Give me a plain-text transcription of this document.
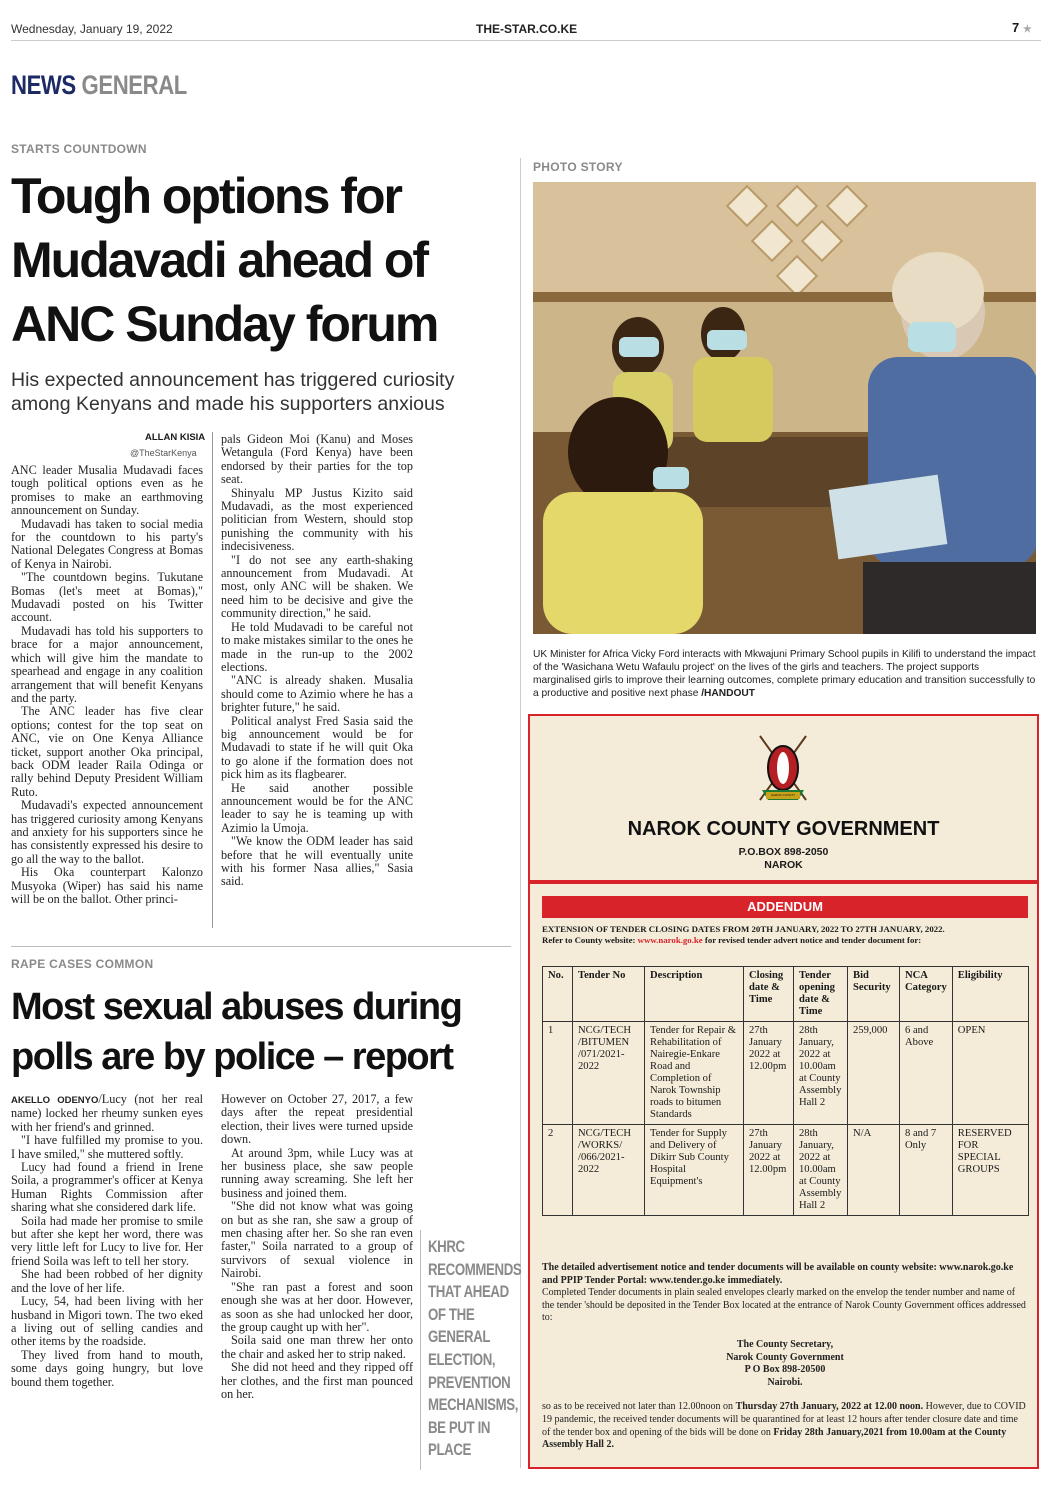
Wednesday, January 19, 2022	THE-STAR.CO.KE	7 ★
NEWS GENERAL
STARTS COUNTDOWN
Tough options for
Mudavadi ahead of
ANC Sunday forum
His expected announcement has triggered curiosity
among Kenyans and made his supporters anxious
ALLAN KISIA
@TheStarKenya

ANC leader Musalia Mudavadi faces tough political options even as he promises to make an earthmoving announcement on Sunday.

Mudavadi has taken to social media for the countdown to his party's National Delegates Congress at Bomas of Kenya in Nairobi.

"The countdown begins. Tukutane Bomas (let's meet at Bomas)," Mudavadi posted on his Twitter account.

Mudavadi has told his supporters to brace for a major announcement, which will give him the mandate to spearhead and engage in any coalition arrangement that will benefit Kenyans and the party.

The ANC leader has five clear options; contest for the top seat on ANC, vie on One Kenya Alliance ticket, support another Oka principal, back ODM leader Raila Odinga or rally behind Deputy President William Ruto.

Mudavadi's expected announcement has triggered curiosity among Kenyans and anxiety for his supporters since he has consistently expressed his desire to go all the way to the ballot.

His Oka counterpart Kalonzo Musyoka (Wiper) has said his name will be on the ballot. Other princi-

pals Gideon Moi (Kanu) and Moses Wetangula (Ford Kenya) have been endorsed by their parties for the top seat.

Shinyalu MP Justus Kizito said Mudavadi, as the most experienced politician from Western, should stop punishing the community with his indecisiveness.

"I do not see any earth-shaking announcement from Mudavadi. At most, only ANC will be shaken. We need him to be decisive and give the community direction," he said.

He told Mudavadi to be careful not to make mistakes similar to the ones he made in the run-up to the 2002 elections.

"ANC is already shaken. Musalia should come to Azimio where he has a brighter future," he said.

Political analyst Fred Sasia said the big announcement would be for Mudavadi to state if he will quit Oka to go alone if the formation does not pick him as its flagbearer.

He said another possible announcement would be for the ANC leader to say he is teaming up with Azimio la Umoja.

"We know the ODM leader has said before that he will eventually unite with his former Nasa allies," Sasia said.

PHOTO STORY
UK Minister for Africa Vicky Ford interacts with Mkwajuni Primary School pupils in Kilifi to understand the impact of the 'Wasichana Wetu Wafaulu project' on the lives of the girls and teachers. The project supports marginalised girls to improve their learning outcomes, complete primary education and transition successfully to a productive and positive next phase /HANDOUT
RAPE CASES COMMON
Most sexual abuses during
polls are by police – report

AKELLO ODENYO/Lucy (not her real name) locked her rheumy sunken eyes with her friend's and grinned.

"I have fulfilled my promise to you. I have smiled," she muttered softly.

Lucy had found a friend in Irene Soila, a programmer's officer at Kenya Human Rights Commission after sharing what she considered dark life.

Soila had made her promise to smile but after she kept her word, there was very little left for Lucy to live for. Her friend Soila was left to tell her story.

She had been robbed of her dignity and the love of her life.

Lucy, 54, had been living with her husband in Migori town. The two eked a living out of selling candies and other items by the roadside.

They lived from hand to mouth, some days going hungry, but love bound them together.

However on October 27, 2017, a few days after the repeat presidential election, their lives were turned upside down.

At around 3pm, while Lucy was at her business place, she saw people running away screaming. She left her business and joined them.

"She did not know what was going on but as she ran, she saw a group of men chasing after her. So she ran even faster," Soila narrated to a group of survivors of sexual violence in Nairobi.

"She ran past a forest and soon enough she was at her door. However, as soon as she had unlocked her door, the group caught up with her".

Soila said one man threw her onto the chair and asked her to strip naked.

She did not heed and they ripped off her clothes, and the first man pounced on her.

KHRC
RECOMMENDS
THAT AHEAD
OF THE
GENERAL
ELECTION,
PREVENTION
MECHANISMS,
BE PUT IN
PLACE
NAROK COUNTY
NAROK COUNTY GOVERNMENT
P.O.BOX 898-2050
NAROK
ADDENDUM
EXTENSION OF TENDER CLOSING DATES FROM 20TH JANUARY, 2022 TO 27TH JANUARY, 2022.
Refer to County website: www.narok.go.ke for revised tender advert notice and tender document for:
No.	Tender No	Description	Closing date & Time	Tender opening date & Time	Bid Security	NCA Category	Eligibility
1	NCG/TECH /BITUMEN /071/2021-2022	Tender for Repair & Rehabilitation of Nairegie-Enkare Road and Completion of Narok Township roads to bitumen Standards	27th January 2022 at 12.00pm	28th January, 2022 at 10.00am at County Assembly Hall 2	259,000	6 and Above	OPEN
2	NCG/TECH /WORKS/ /066/2021-2022	Tender for Supply and Delivery of Dikirr Sub County Hospital Equipment's	27th January 2022 at 12.00pm	28th January, 2022 at 10.00am at County Assembly Hall 2	N/A	8 and 7 Only	RESERVED FOR SPECIAL GROUPS
The detailed advertisement notice and tender documents will be available on county website: www.narok.go.ke and PPIP Tender Portal: www.tender.go.ke immediately.
Completed Tender documents in plain sealed envelopes clearly marked on the envelop the tender number and name of the tender 'should be deposited in the Tender Box located at the entrance of Narok County Government offices addressed to:
The County Secretary,
Narok County Government
P O Box 898-20500
Nairobi.
so as to be received not later than 12.00noon on Thursday 27th January, 2022 at 12.00 noon. However, due to COVID 19 pandemic, the received tender documents will be quarantined for at least 12 hours after tender closure date and time of the tender box and opening of the bids will be done on Friday 28th January,2021 from 10.00am at the County Assembly Hall 2.
